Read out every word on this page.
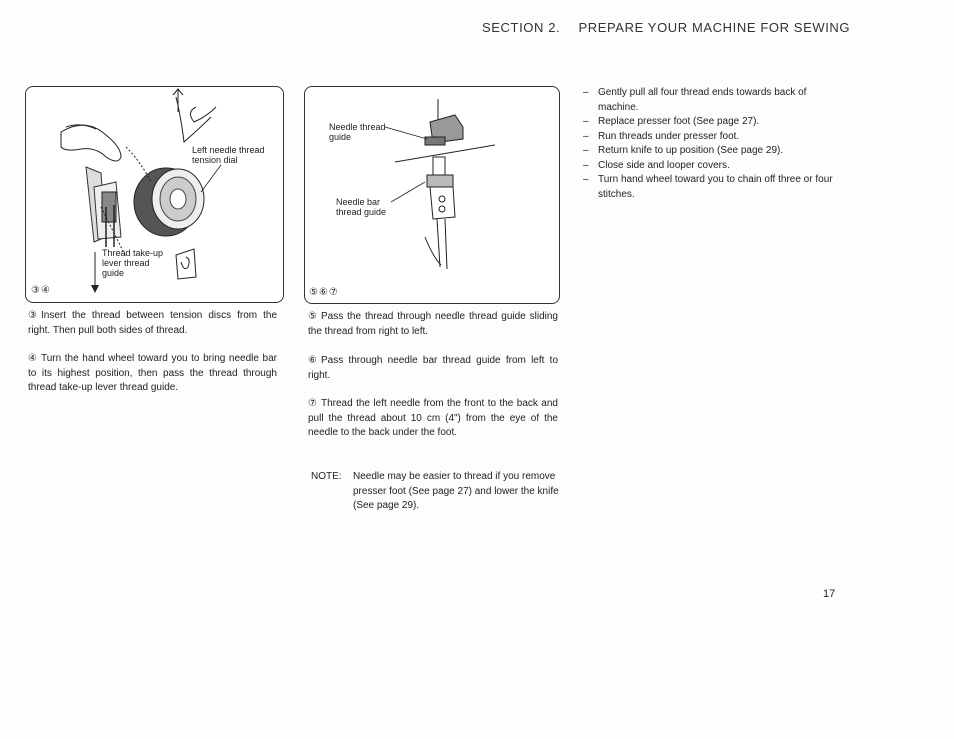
SECTION 2. PREPARE YOUR MACHINE FOR SEWING
Left needle thread
tension dial
Thread take-up
lever thread
guide
③④
Needle thread
guide
Needle bar
thread guide
⑤⑥⑦
③ Insert the thread between tension discs from the right. Then pull both sides of thread.
④ Turn the hand wheel toward you to bring needle bar to its highest position, then pass the thread through thread take-up lever thread guide.
⑤ Pass the thread through needle thread guide sliding the thread from right to left.
⑥ Pass through needle bar thread guide from left to right.
⑦ Thread the left needle from the front to the back and pull the thread about 10 cm (4") from the eye of the needle to the back under the foot.
NOTE: Needle may be easier to thread if you remove presser foot (See page 27) and lower the knife (See page 29).
– Gently pull all four thread ends towards back of machine.
– Replace presser foot (See page 27).
– Run threads under presser foot.
– Return knife to up position (See page 29).
– Close side and looper covers.
– Turn hand wheel toward you to chain off three or four stitches.
17
